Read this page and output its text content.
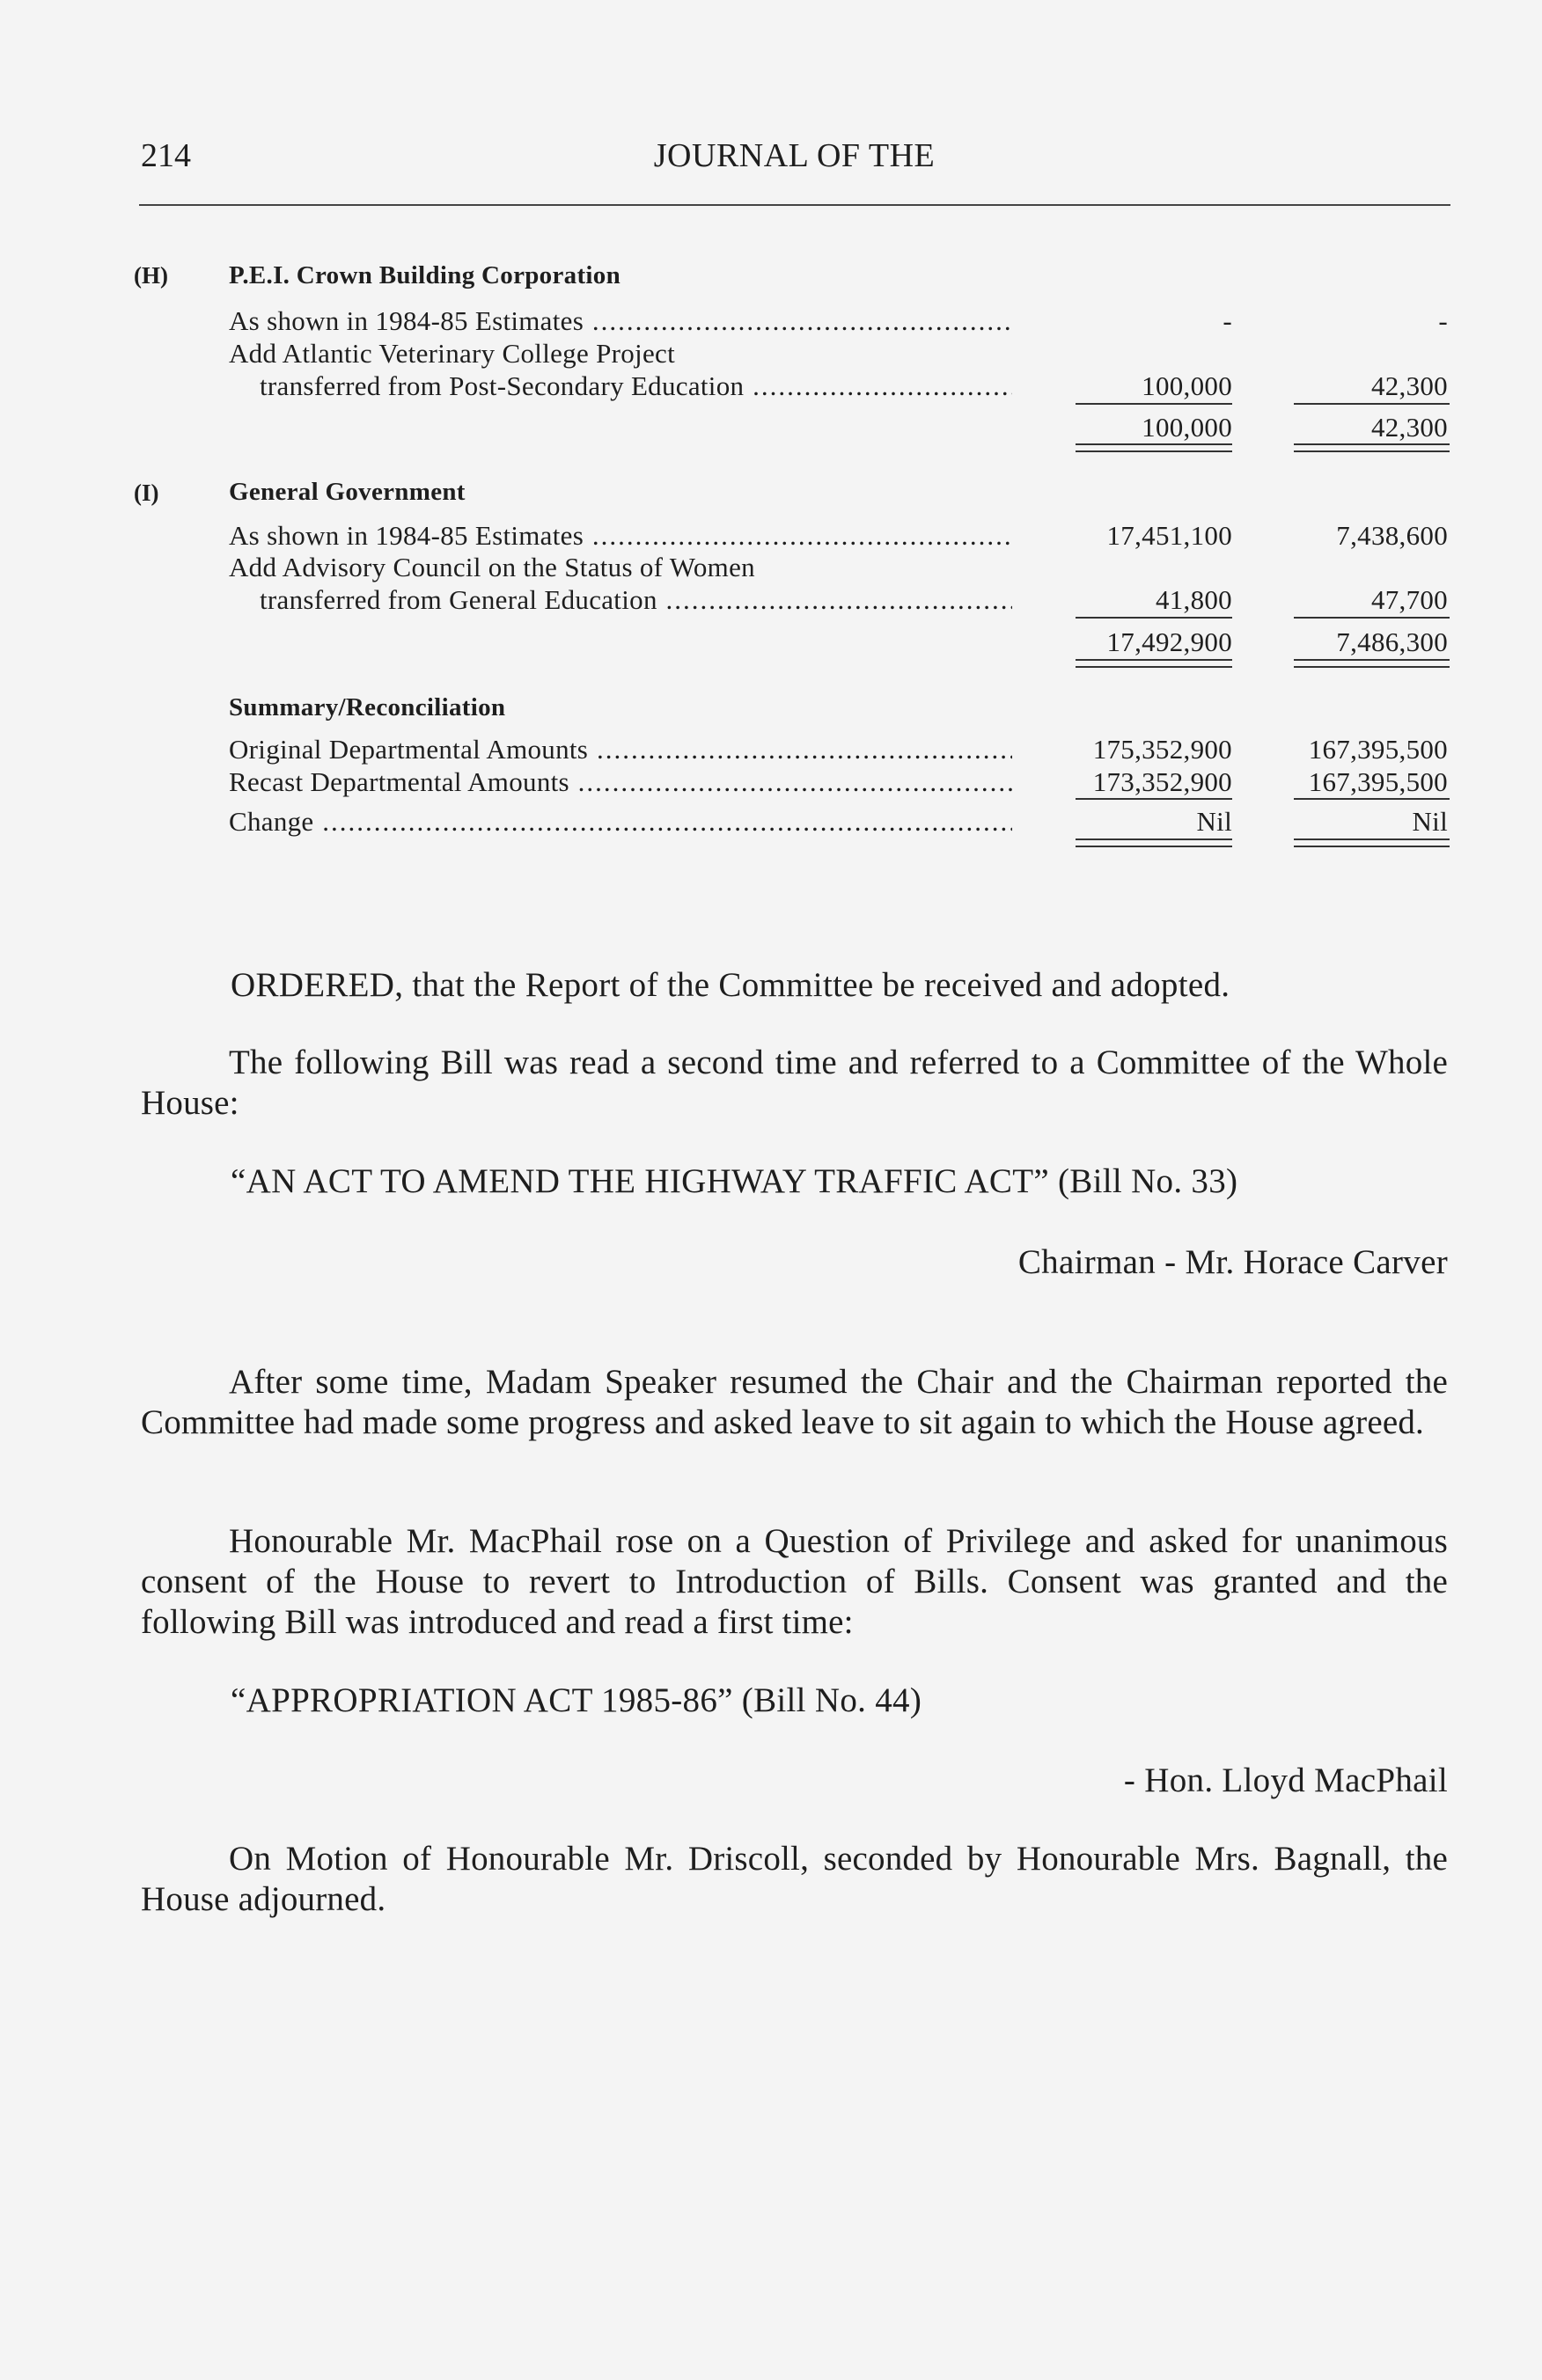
214	JOURNAL OF THE
(H) P.E.I. Crown Building Corporation
As shown in 1984-85 Estimates .....	-	-
Add Atlantic Veterinary College Project
transferred from Post-Secondary Education .....	100,000	42,300
100,000	42,300
(I)	General Government
As shown in 1984-85 Estimates .....	17,451,100	7,438,600
Add Advisory Council on the Status of Women
transferred from General Education .....	41,800	47,700
17,492,900	7,486,300
Summary/Reconciliation
Original Departmental Amounts .....	175,352,900	167,395,500
Recast Departmental Amounts .....	173,352,900	167,395,500
Change .....	Nil	Nil
ORDERED, that the Report of the Committee be received and adopted.
The following Bill was read a second time and referred to a Committee of the Whole House:
“AN ACT TO AMEND THE HIGHWAY TRAFFIC ACT” (Bill No. 33)
Chairman - Mr. Horace Carver
After some time, Madam Speaker resumed the Chair and the Chairman reported the Committee had made some progress and asked leave to sit again to which the House agreed.
Honourable Mr. MacPhail rose on a Question of Privilege and asked for unanimous consent of the House to revert to Introduction of Bills. Consent was granted and the following Bill was introduced and read a first time:
“APPROPRIATION ACT 1985-86” (Bill No. 44)
- Hon. Lloyd MacPhail
On Motion of Honourable Mr. Driscoll, seconded by Honourable Mrs. Bagnall, the House adjourned.
